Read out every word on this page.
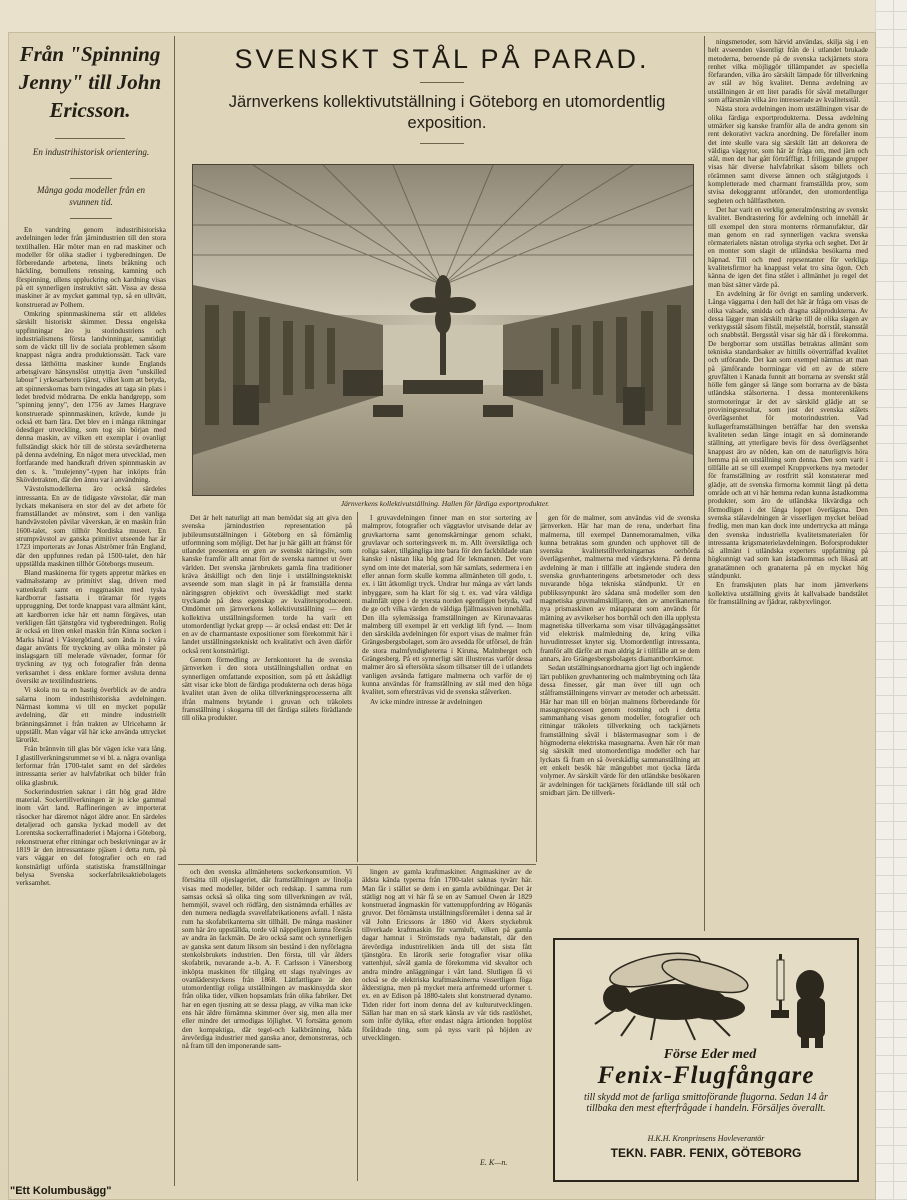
Från "Spinning Jenny" till John Ericsson.
En industrihistorisk orientering.
Många goda modeller från en svunnen tid.

En vandring genom industrihistoriska avdelningen leder från järnindustrien till den stora textilhallen. Här möter man en rad maskiner och modeller för olika stadier i tygberedningen. De förberedande arbetena, linets bråkning och häckling, bomullens rensning, kamning och förspinning, ullens uppluckring och kardning visas på ett synnerligen instruktivt sätt. Vissa av dessa maskiner är av mycket gammal typ, så en ulltvätt, konstruerad av Polhem.

Omkring spinnmaskinerna står ett alldeles särskilt historiskt skimmer. Dessa engelska uppfinningar äro ju storindustriens och industrialismens första landvinningar, samtidigt som de väckt till liv de sociala problemen såsom knappast några andra produktionssätt. Tack vare dessa lätthöttta maskiner kunde Englands arbetsgivare hänsynslöst utnyttja även "unskilled labour" i yrkesarbetets tjänst, vilket kom att betyda, att spinnerskornas barn tvingades att taga sin plats i ledet bredvid mödrarna. De enkla handgrepp, som "spinning jenny", den 1756 av James Hargrave konstruerade spinnmaskinen, krävde, kunde ju också ett barn lära. Det blev en i många riktningar ödesdiger utveckling, som tog sin början med denna maskin, av vilken ett exemplar i ovanligt fullständigt skick hör till de största sevärdheterna på denna avdelning. En något mera utvecklad, men fortfarande med handkraft driven spinnmaskin av den s. k. "mulejenny"-typen har inköpts från Skövdetrakten, där den ännu var i användning.

Vävstolsmodellerna äro också särdeles intressanta. En av de tidigaste vävstolar, där man lyckats mekanisera en stor del av det arbete för framställandet av mönstret, som i den vanliga handvävstolen påvilar väverskan, är en maskin från 1600-talet, som tillhör Nordiska museet. En strumpvävstol av ganska primitivt utseende har år 1723 importerats av Jonas Alströmer från England, där den uppfunnes redan på 1500-talet, den här uppställda maskinen tillhör Göteborgs museum.

Bland maskinerna för tygets appretur märkes en vadmalsstamp av primitivt slag, driven med vattenkraft samt en ruggmaskin med tyska kardborrar fastsatta i träramar för tygets uppruggning. Det torde knappast vara allmänt känt, att kardborren icke här ett namn förgäves, utan verkligen fått tjänstgöra vid tygberedningen. Rolig är också en liten enkel maskin från Kinna socken i Marks härad i Västergötland, som ända in i våra dagar använts för tryckning av olika mönster på inslagsgarn till melerade vävnader, formar för tryckning av tyg och fotografier från denna verksamhet i dess enklare former avsluta denna översikt av textilindustriens.

Vi skola nu ta en hastig överblick av de andra salarna inom industrihistoriska avdelningen. Närmast komma vi till en mycket populär avdelning, där ett mindre industriellt bränningsämnet i från trakten av Ulricehamn är uppställt. Man vågar väl här icke använda uttrycket lärorikt.

Från brännvin till glas bör vägen icke vara lång. I glastillverkningsrummet se vi bl. a. några ovanliga lerformar från 1700-talet samt en del särdeles intressanta serier av halvfabrikat och bilder från olika glasbruk.

Sockerindustrien saknar i rätt hög grad äldre material. Sockertillverkningen är ju icke gammal inom vårt land. Raffineringen av importerat råsocker har däremot något äldre anor. En särdeles detaljerad och ganska lyckad modell av det Lorentska sockerraffinaderiet i Majorna i Göteborg, rekonstruerat efter ritningar och beskrivningar av år 1819 är den intressantaste pjäsen i detta rum, på vars väggar en del fotografier och en rad konstnärligt utförda statistiska framställningar belysa Svenska sockerfabriksaktiebolagets verksamhet.

"Ett Kolumbusägg"
SVENSKT STÅL PÅ PARAD.
Järnverkens kollektivutställning i Göteborg en utomordentlig exposition.
Järnverkens kollektivutställning. Hallen för färdiga exportprodukter.

Det är helt naturligt att man bemödat sig att giva den svenska järnindustrien representation på jubileumsutställningen i Göteborg en så förnämlig utformning som möjligt. Det har ju här gällt att främst för utlandet presentera en gren av svenskt näringsliv, som kanske framför allt annat fört de svenska namnet ut över världen. Det svenska järnbrukets gamla fina traditioner kräva åtskilligt och den linje i utställningstekniskt avseende som man slagit in på är framställa denna näringsgren objektivt och överskådligt med starkt tryckande på dess egenskap av kvalitetsproduceent. Omdömet om järnverkens kollektivutställning — den kollektiva utställningsformen torde ha varit ett utomordentligt lyckat grepp — är också endast ett: Det är en av de charmantaste expositioner som förekommit här i landet utställningstekniskt och kvalitativt och även därför också rent konstnärligt.

Genom förmedling av Jernkontoret ha de svenska järnverken i den stora utställningshallen ordnat en synnerligen omfattande exposition, som på ett åskådligt sätt visar icke blott de färdiga produkterna och deras höga kvalitet utan även de olika tillverkningsprocesserna allt ifrån malmens brytande i gruvan och träkolets framställning i skogarna till det färdiga stålets förädlande till olika produkter.

I gruvavdelningen finner man en stor sortering av malmprov, fotografier och väggtavlor utvisande delar av gruvkartorna samt genomskärningar genom schakt, gruvlavar och sorteringsverk m. m. Allt översiktliga och roliga saker, tillgängliga inte bara för den fackbildade utan kanske i nästan lika hög grad för lekmannen. Det vore synd om inte det material, som här samlats, sedermera i en eller annan form skulle komma allmänheten till godo, t. ex. i lätt åtkomligt tryck. Undrar hur många av vårt lands inbyggare, som ha klart för sig t. ex. vad våra väldiga malmfält uppe i de ytersta norden egentligen betyda, vad de ge och vilka värden de väldiga fjällmassiven innehålla. Den illa sylemässiga framställningen av Kirunavaaras malmberg till exempel är ett verkligt lift fynd. — Inom den särskilda avdelningen för export visas de malmer från Grängesbergsbolaget, som äro avsedda för utförsel, de från de stora malmfyndigheterna i Kiruna, Malmberget och Grängesberg. På ett synnerligt sätt illustreras varför dessa malmer äro så eftersökta såsom tillsatser till de i utlandets vanligen avsända fattigare malmerna och varför de ej kunna användas för framställning av stål med den höga kvalitet, som eftersträvas vid de svenska stålverken.

Av icke mindre intresse är avdelningen

gen för de malmer, som användas vid de svenska järnverken. Här har man de rena, underbart fina malmerna, till exempel Dannemoramalmen, vilka kunna betraktas som grunden och upphovet till de svenska kvalitetstillverkningarnas oerhörda överlägsenhet, malmerna med värdsryktena. På denna avdelning är man i tillfälle att ingående studera den svenska gruvhanteringens arbetsmetoder och dess nuvarande höga tekniska ståndpunkt. Ur en publikssynpunkt äro sådana små modeller som den magnetiska gruvmalmskilljaren, den av amerikanerna nya prismaskinen av mätapparat som används för mätning av avvikelser hos borrhål och den illa upplysta magnetiska tillverkarna som visar tillvägagångssättet vid elektrisk malmledning de, kring vilka huvudintresset knyter sig. Utomordentligt intressanta, framför allt därför att man aldrig är i tillfälle att se dem annars, äro Grängesbergsbolagets diamantborrkärnor.

Sedan utställningsanordnarna gjort ligt och ingående lärt publiken gruvhantering och malmbrytning och låta dessa finesser, går man över till ugn och stålframställningens virrvarr av metoder och arbetssätt. Här har man till en början malmens förberedande för masugnsprocessen genom rostning och i detta sammanhang visas genom modeller, fotografier och ritningar träkolets tillverkning och tackjärnets framställning såväl i blästermasugnar som i de högmoderna elektriska masugnarna. Även här rör man sig särskilt med utomordentliga modeller och har lyckats få fram en så överskådlig sammanställning att ett enkelt besök här mängubbet mot tjocka lärda volymer. Av särskilt värde för den utländske besökaren är avdelningen för tackjärnets förädlande till stål och smidbart järn. De tillverk-

ningsmetoder, som härvid användas, skilja sig i en helt avseenden väsentligt från de i utlandet brukade metoderna, beroende på de svenska tackjärnets stora renhet vilka möjliggör tillämpandet av speciella förfaranden, vilka äro särskilt lämpade för tillverkning av stål av hög kvalitet. Denna avdelning av utställningen är ett litet paradis för såväl metallurger som affärsmän vilka äro intresserade av kvalitetsstål.

Nästa stora avdelningen inom utställningen visar de olika färdiga exportprodukterna. Dessa avdelning utmärker sig kanske framför alla de andra genom sin rent dekorativt vackra anordning. De förefaller inom det inte skulle vara sig särskilt lätt att dekorera de väldiga väggytor, som här är fråga om, med järn och stål, men det har gått förträffligt. I friliggande grupper visas här diverse halvfabrikat såsom billets och rörämnen samt diverse ämnen och stålgjutgods i kompletterade med charmant framställda prov, som stvisa dekoggrannt utförandet, den utomordentliga segheten och hållfastheten.

Det har varit en verklig generalmönstring av svenskt kvalitet. Bendrastering för avdelning och innehåll är till exempel den stora monterns rörmanufaktur, där man genom en rad synnerligen vackra svenska rörmaterialets nästan otroliga styrka och seghet. Det är en monter som slagit de utländska besökarna med häpnad. Till och med reprsentanter för verkliga kvalitetsfirmor ha knappast velat tro sina ögon. Och känna de igen det fina stålet i allmänhet ju regel det man bäst sätter värde på.

En avdelning är för övrigt en samling underverk. Långa väggarna i den hall det här är fråga om visas de olika valsade, smidda och dragna stålprodukterna. Av dessa lägger man särskilt märke till de olika slagen av verktygsstål såsom filstål, mejselstål, borrstål, stansstål och snabbstål. Bergsstål visar sig här då i förekomma. De bergborrar som utställas betraktas allmänt som tekniska standardsaker av hittills oöverträffad kvalitet och utförande. Det kan som exempel nämnas att man på jämförande borrningar vid ett av de större gruvfälten i Kanada funnit att borrarna av svenskt stål hölle fem gånger så länge som borrarna av de bästa utländska stålsorterna. I dessa monterenkikens stormoteringar är det av särskild glädje att se proviningsresultat, som just det svenska stålets överlägsenhet för motorindustrien. Vad kullagerframställningen beträffar har den svenska kvaliteten sedan länge intagit en så dominerande ställning, att ytterligare bevis för dess överlägsenhet knappast äro av nöden, kan om de naturligtvis höra hemma på en utställning som denna. Den som varit i tillfälle att se till exempel Kruppverkens nya metoder för framställning av rostfritt stål konstaterar med glädje, att de svenska firmorna kommit långt på detta område och att vi här hemma redan kunna åstadkomma produkter, som äro de utländska likvärdiga och förmodligen i det långa loppet överlägsna. Den svenska stålavdelningen är visserligen mycket belöad fredlig, men man kan dock inte undertrycka att många den svenska industriella kvalitetsmaterialen för intressanta krigsmaterielavdelningen. Boforsprodukter så allmänt i utländska experters uppfattning på högkunnigt vad som kan åstadkommas och likaså att granatämnen och granaterna på en mycket hög ståndpunkt.

En framskjuten plats har inom järnverkens kollektiva utställning givits åt kallvalsade bandstålet för framställning av fjädrar, rakbyxvlingor.

och den svenska allmänhetens sockerkonsumtion. Vi förtsätta till oljeslageriet, där framställningen av linolja visas med modeller, bilder och redskap. I samma rum samsas också så olika ting som tillverkningen av tvål, hemmjöl, svavel och rödfärg, den sistnämnda erhålles av den numera nedlagda svavelfabrikationens avfall. I nästa rum ha skofabrikanterna sitt tillhåll. De många maskiner som här äro uppställda, torde väl näppeligen kunna förstås av andra än fackmän. De äro också samt och synnerligen av ganska sent datum liksom sin bestånd i den nyförlagna stenkolsbrukets industrien. Den första, till vår ålders skofabrik, nuvarande a.-b. A. F. Carlsson i Vänersborg inköpta maskinen för tillgång ett slags nyalvinges av ovanläderstyckens från 1868. Lättfattligare är den utomordentligt roliga utställningen av maskinsydda skor från olika tider, vilken hopsamlats från olika fabriker. Det har en egen tjusning att se dessa plagg, av vilka man icke ens här äldre förnämna skimmer över sig, men alla mer eller mindre det urmodigas löjlighet. Vi fortsätta genom den kompaktiga, där tegel-och kalkbränning, båda ärevördiga industrier med ganska anor, demonstreras, och nå fram till den imponerande sam-

lingen av gamla kraftmaskiner. Angmaskiner av de äldsta kända typerna från 1700-talet saknas tyvärr här. Man får i stället se dem i en gamla avbildningar. Det är stätligt nog att vi här få se en av Samuel Owen år 1829 konstruerad ångmaskin för vattenuppfordring av Höganäs gruvor. Det förnämsta utställningsföremålet i denna sal är väl John Ericssons år 1860 vid Åkers styckebruk tillverkade kraftmaskin för varmluft, vilken på gamla dagar hamnat i Strömstads nya badanstalt, där den ärevördiga industrirelikien ända till det sista fått tjänstgöra. En lärorik serie fotografier visar olika vattenhjul, såväl gamla de förekomma vid skvaltor och andra mindre anläggningar i vårt land. Slutligen få vi också se de elektriska kraftmaskinerna vissertligen föga ålderstigna, men på mycket mera artfremedd urformer t. ex. en av Edison på 1880-talets slut konstruerad dynamo. Tiden rider fort inom denna del av kulturutvecklingen. Sällan har man en så stark känsla av vår tids rastlöshet, som inför dylika, efter endast några årtionden hopplöst föråldrade ting, som på nyss varit på höjden av utvecklingen.

E. K—n.
Förse Eder med
Fenix-Flugfångare
till skydd mot de farliga smittoförande flugorna. Sedan 14 år tillbaka den mest efterfrågade i handeln. Försäljes överallt.
H.K.H. Kronprinsens Hovleverantör
TEKN. FABR. FENIX, GÖTEBORG
